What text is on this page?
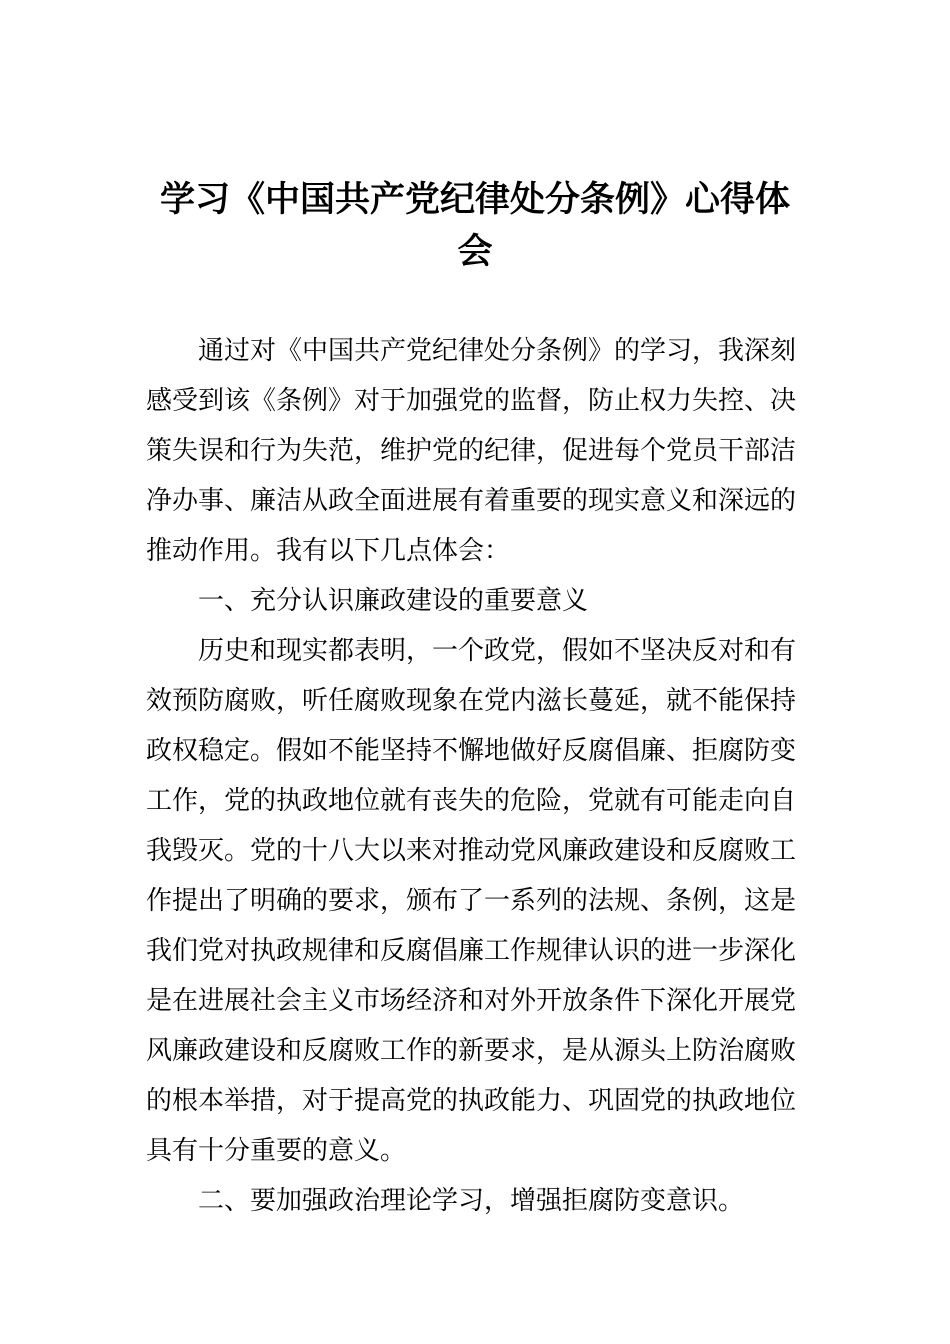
学习《中国共产党纪律处分条例》心得体
会
通过对《中国共产党纪律处分条例》的学习，我深刻
感受到该《条例》对于加强党的监督，防止权力失控、决
策失误和行为失范，维护党的纪律，促进每个党员干部洁
净办事、廉洁从政全面进展有着重要的现实意义和深远的
推动作用。我有以下几点体会：
一、充分认识廉政建设的重要意义
历史和现实都表明，一个政党，假如不坚决反对和有
效预防腐败，听任腐败现象在党内滋长蔓延，就不能保持
政权稳定。假如不能坚持不懈地做好反腐倡廉、拒腐防变
工作，党的执政地位就有丧失的危险，党就有可能走向自
我毁灭。党的十八大以来对推动党风廉政建设和反腐败工
作提出了明确的要求，颁布了一系列的法规、条例，这是
我们党对执政规律和反腐倡廉工作规律认识的进一步深化
是在进展社会主义市场经济和对外开放条件下深化开展党
风廉政建设和反腐败工作的新要求，是从源头上防治腐败
的根本举措，对于提高党的执政能力、巩固党的执政地位
具有十分重要的意义。
二、要加强政治理论学习，增强拒腐防变意识。
